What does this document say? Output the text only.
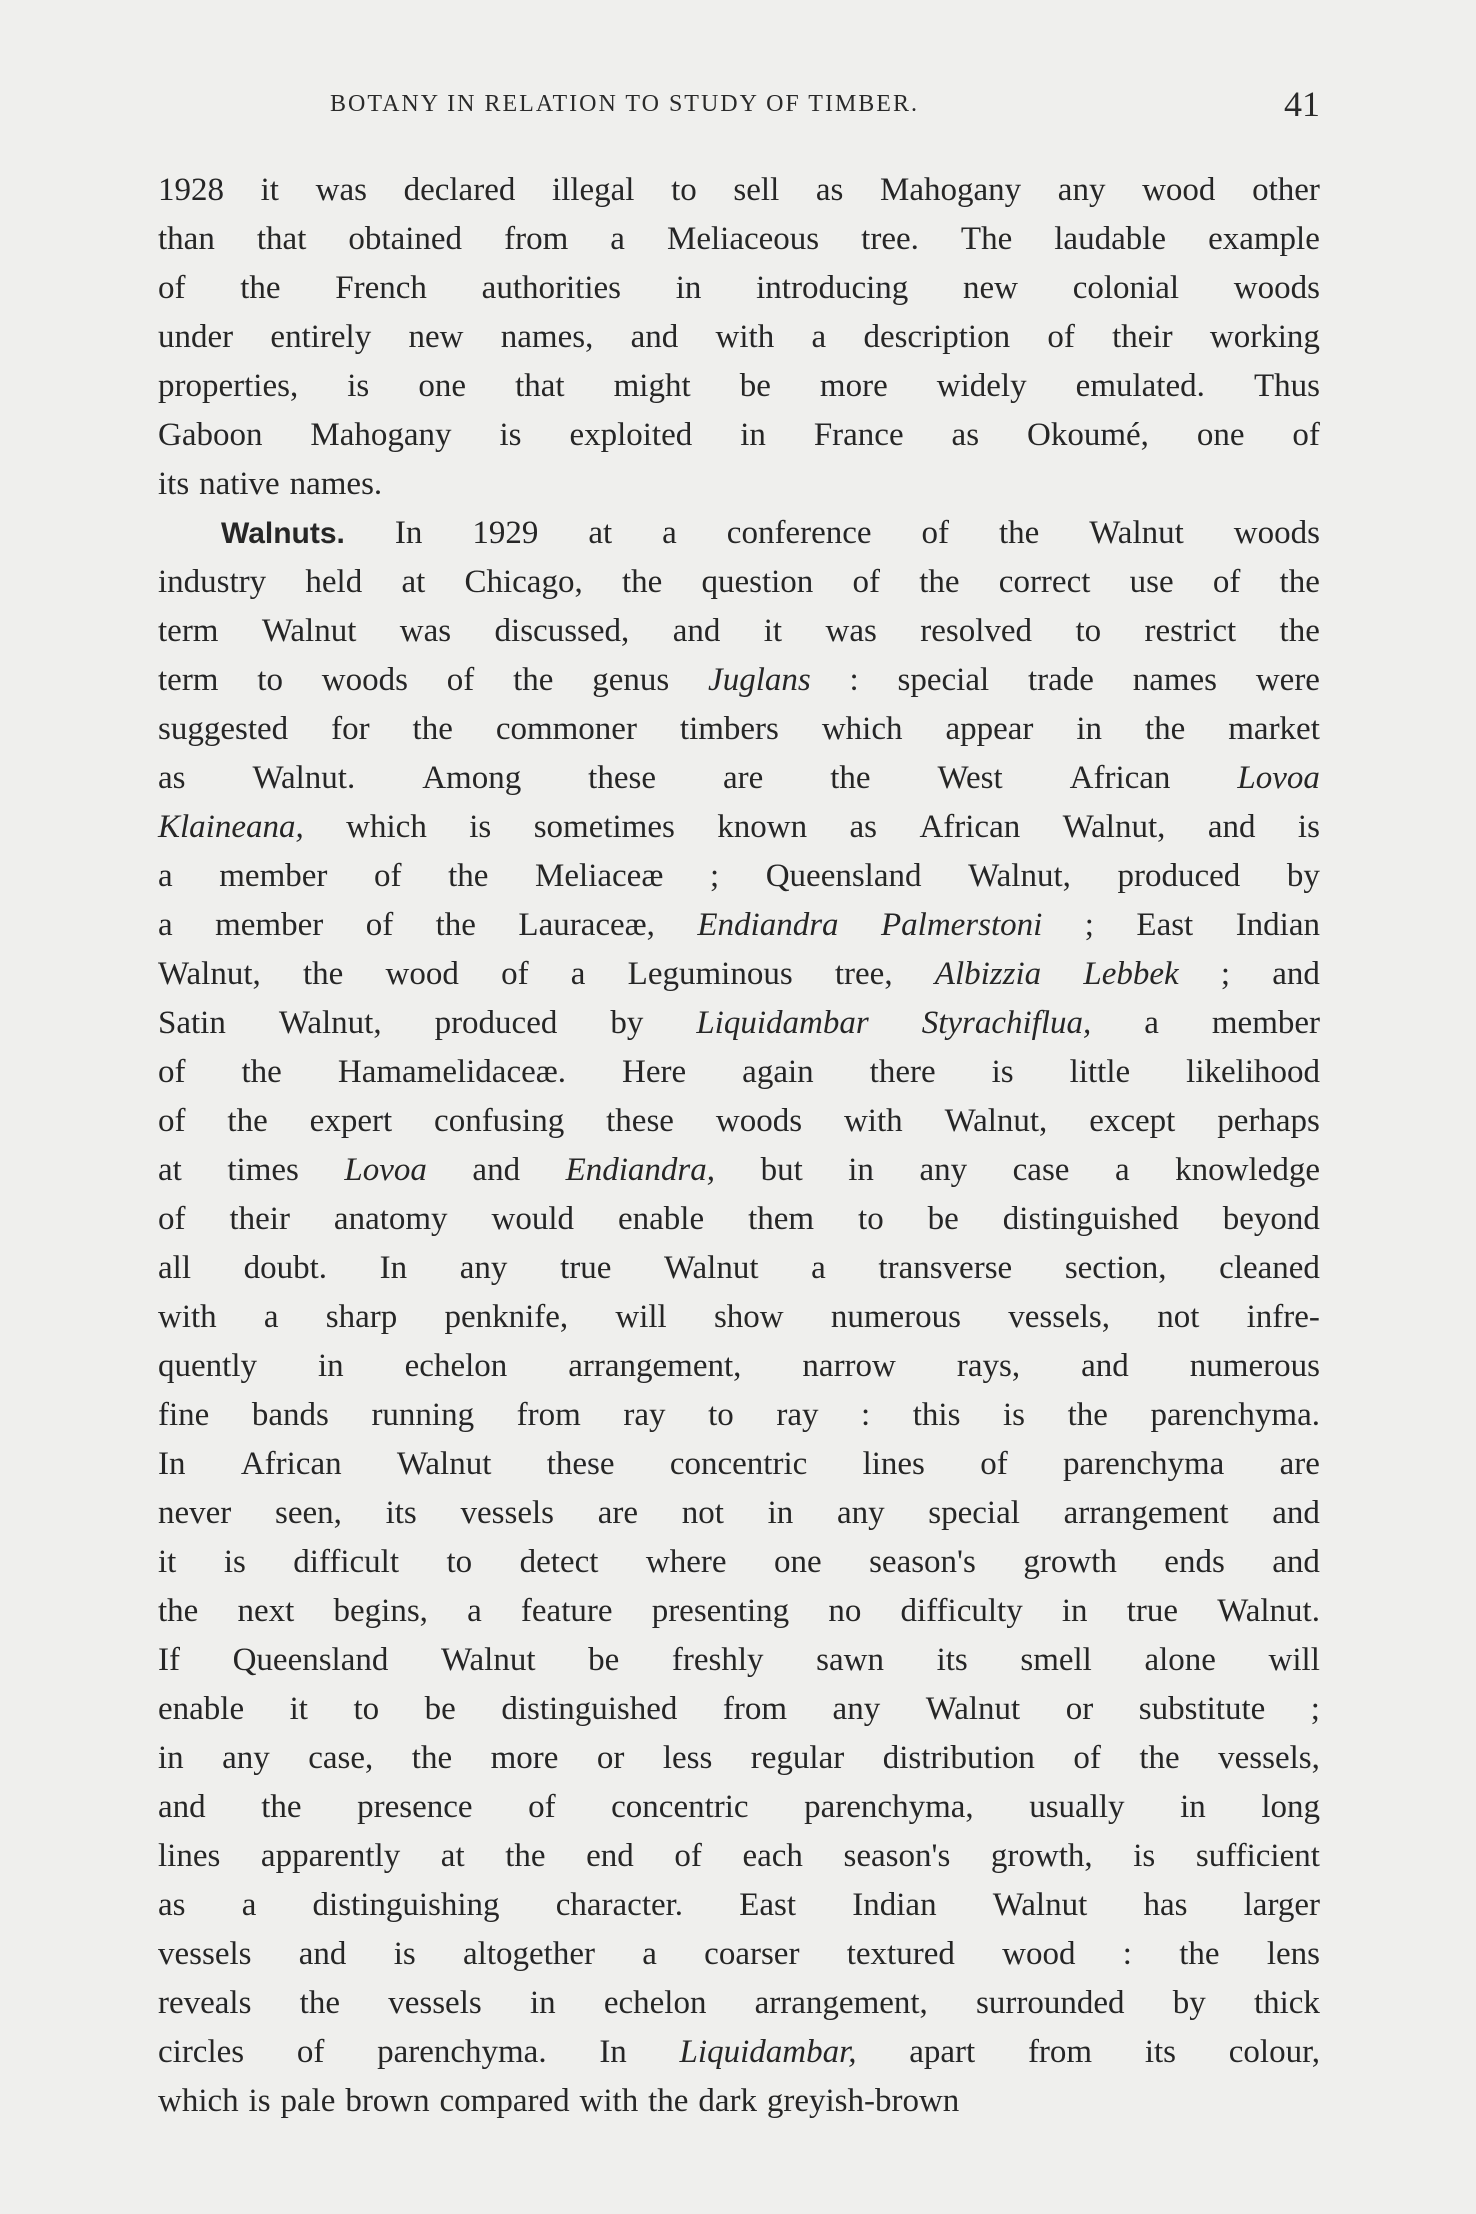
BOTANY IN RELATION TO STUDY OF TIMBER.	41
1928 it was declared illegal to sell as Mahogany any wood other
than that obtained from a Meliaceous tree. The laudable example
of the French authorities in introducing new colonial woods
under entirely new names, and with a description of their working
properties, is one that might be more widely emulated. Thus
Gaboon Mahogany is exploited in France as Okoumé, one of
its native names.
Walnuts. In 1929 at a conference of the Walnut woods
industry held at Chicago, the question of the correct use of the
term Walnut was discussed, and it was resolved to restrict the
term to woods of the genus Juglans : special trade names were
suggested for the commoner timbers which appear in the market
as Walnut. Among these are the West African Lovoa
Klaineana, which is sometimes known as African Walnut, and is
a member of the Meliaceæ ; Queensland Walnut, produced by
a member of the Lauraceæ, Endiandra Palmerstoni ; East Indian
Walnut, the wood of a Leguminous tree, Albizzia Lebbek ; and
Satin Walnut, produced by Liquidambar Styrachiflua, a member
of the Hamamelidaceæ. Here again there is little likelihood
of the expert confusing these woods with Walnut, except perhaps
at times Lovoa and Endiandra, but in any case a knowledge
of their anatomy would enable them to be distinguished beyond
all doubt. In any true Walnut a transverse section, cleaned
with a sharp penknife, will show numerous vessels, not infre-
quently in echelon arrangement, narrow rays, and numerous
fine bands running from ray to ray : this is the parenchyma.
In African Walnut these concentric lines of parenchyma are
never seen, its vessels are not in any special arrangement and
it is difficult to detect where one season's growth ends and
the next begins, a feature presenting no difficulty in true Walnut.
If Queensland Walnut be freshly sawn its smell alone will
enable it to be distinguished from any Walnut or substitute ;
in any case, the more or less regular distribution of the vessels,
and the presence of concentric parenchyma, usually in long
lines apparently at the end of each season's growth, is sufficient
as a distinguishing character. East Indian Walnut has larger
vessels and is altogether a coarser textured wood : the lens
reveals the vessels in echelon arrangement, surrounded by thick
circles of parenchyma. In Liquidambar, apart from its colour,
which is pale brown compared with the dark greyish-brown
